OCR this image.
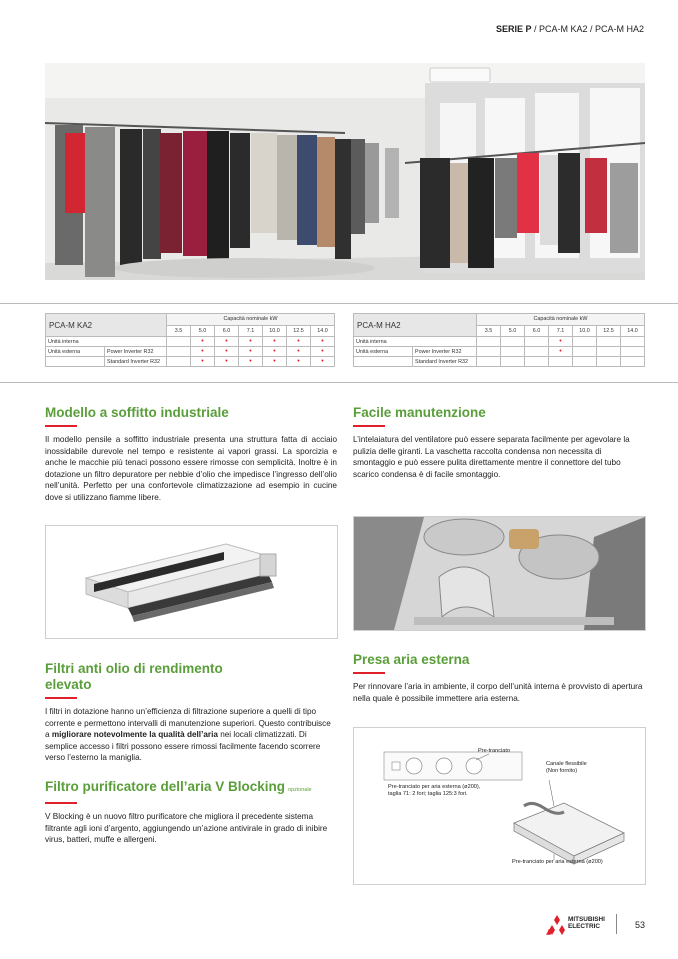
SERIE P / PCA-M KA2 / PCA-M HA2
PCA-M KA2		Capacità nominale kW						
		3.5	5.0	6.0	7.1	10.0	12.5	14.0
Unità interna			•	•	•	•	•	•
Unità esterna	Power Inverter R32		•	•	•	•	•	•
	Standard Inverter R32		•	•	•	•	•	•
PCA-M HA2		Capacità nominale kW						
		3.5	5.0	6.0	7.1	10.0	12.5	14.0
Unità interna					•			
Unità esterna	Power Inverter R32				•			
	Standard Inverter R32							
Modello a soffitto industriale

Il modello pensile a soffitto industriale presenta una struttura fatta di acciaio inossidabile durevole nel tempo e resistente ai vapori grassi. La sporcizia e anche le macchie più tenaci possono essere rimosse con semplicità. Inoltre è in dotazione un filtro depuratore per nebbie d’olio che impedisce l’ingresso dell’olio nell’unità. Perfetto per una confortevole climatizzazione ad esempio in cucine dove si utilizzano fiamme libere.

Facile manutenzione

L’intelaiatura del ventilatore può essere separata facilmente per agevolare la pulizia delle giranti. La vaschetta raccolta condensa non necessita di smontaggio e può essere pulita direttamente mentre il connettore del tubo scarico condensa è di facile smontaggio.

Filtri anti olio di rendimento
elevato

I filtri in dotazione hanno un’efficienza di filtrazione superiore a quelli di tipo corrente e permettono intervalli di manutenzione superiori. Questo contribuisce a migliorare notevolmente la qualità dell’aria nei locali climatizzati. Di semplice accesso i filtri possono essere rimossi facilmente facendo scorrere verso l’esterno la maniglia.

Filtro purificatore dell’aria V Blocking opzionale

V Blocking è un nuovo filtro purificatore che migliora il precedente sistema filtrante agli ioni d’argento, aggiungendo un’azione antivirale in grado di inibire virus, batteri, muffe e allergeni.

Presa aria esterna

Per rinnovare l’aria in ambiente, il corpo dell’unità interna è provvisto di apertura nella quale è possibile immettere aria esterna.

Pre-tranciato
Pre-tranciato per aria esterna (ø200),
taglia 71: 2 fori; taglia 125:3 fori.
Canale flessibile
(Non fornito)
Pre-tranciato per aria esterna (ø200)
MITSUBISHI
ELECTRIC	53
